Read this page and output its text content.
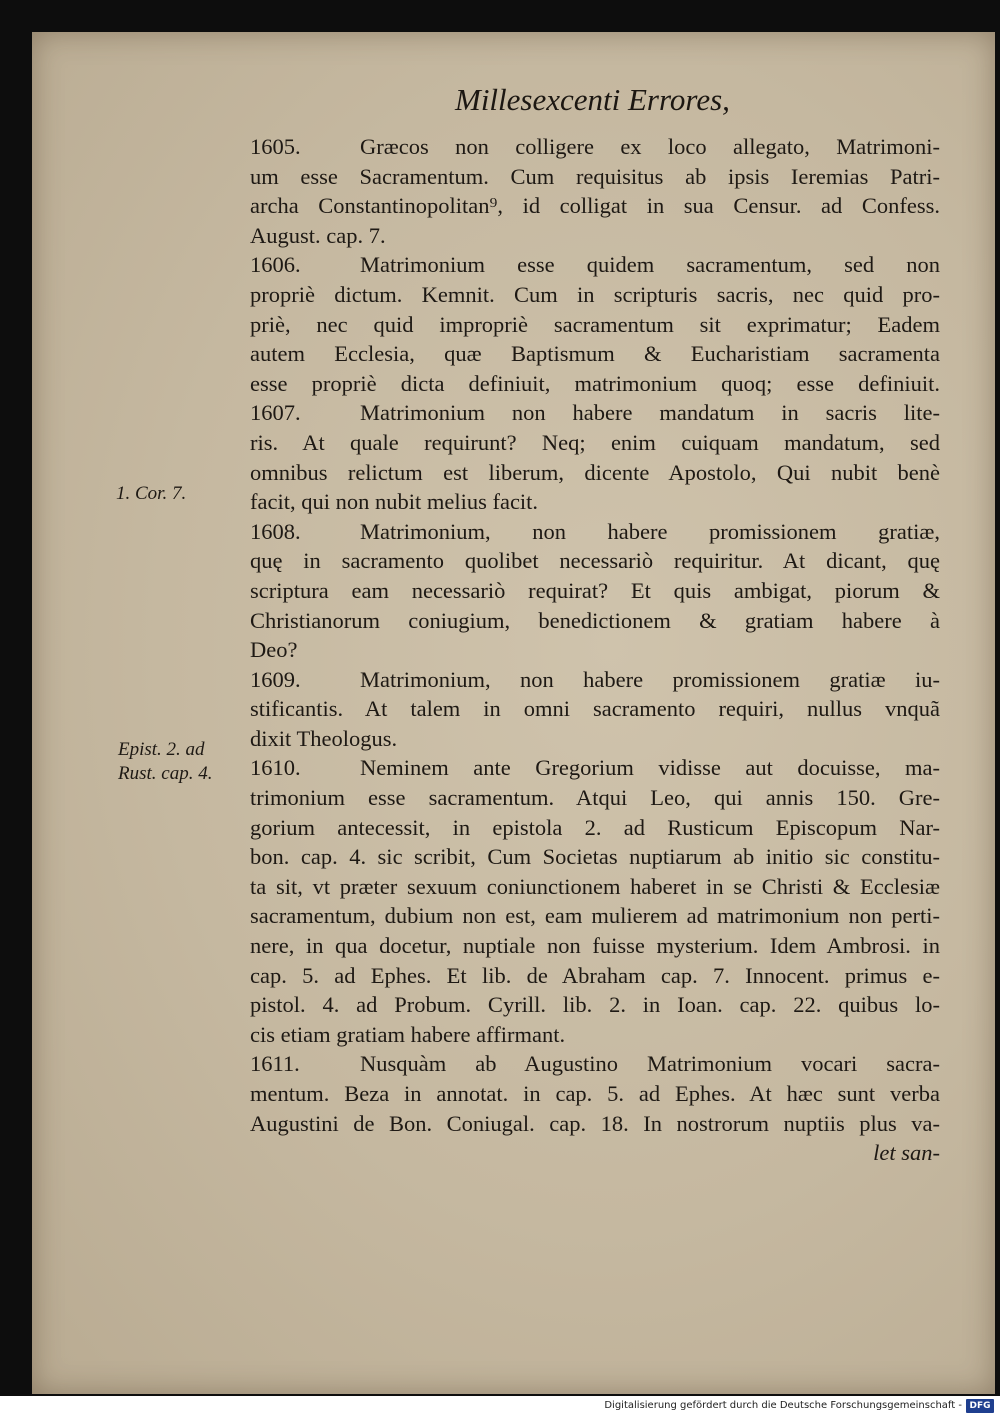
Millesexcenti Errores,
1. Cor. 7.
Epist. 2. ad
Rust. cap. 4.
1605.	Græcos non colligere ex loco allegato, Matrimoni-
um esse Sacramentum. Cum requisitus ab ipsis Ieremias Patri-
archa Constantinopolitan⁹, id colligat in sua Censur. ad Confess.
August. cap. 7.
1606.	Matrimonium esse quidem sacramentum, sed non
propriè dictum. Kemnit. Cum in scripturis sacris, nec quid pro-
priè, nec quid impropriè sacramentum sit exprimatur; Eadem
autem Ecclesia, quæ Baptismum & Eucharistiam sacramenta
esse propriè dicta definiuit, matrimonium quoq; esse definiuit.
1607.	Matrimonium non habere mandatum in sacris lite-
ris. At quale requirunt? Neq; enim cuiquam mandatum, sed
omnibus relictum est liberum, dicente Apostolo, Qui nubit benè
facit, qui non nubit melius facit.
1608.	Matrimonium, non habere promissionem gratiæ,
quę in sacramento quolibet necessariò requiritur. At dicant, quę
scriptura eam necessariò requirat? Et quis ambigat, piorum &
Christianorum coniugium, benedictionem & gratiam habere à
Deo?
1609.	Matrimonium, non habere promissionem gratiæ iu-
stificantis. At talem in omni sacramento requiri, nullus vnquã
dixit Theologus.
1610.	Neminem ante Gregorium vidisse aut docuisse, ma-
trimonium esse sacramentum. Atqui Leo, qui annis 150. Gre-
gorium antecessit, in epistola 2. ad Rusticum Episcopum Nar-
bon. cap. 4. sic scribit, Cum Societas nuptiarum ab initio sic constitu-
ta sit, vt præter sexuum coniunctionem haberet in se Christi & Ecclesiæ
sacramentum, dubium non est, eam mulierem ad matrimonium non perti-
nere, in qua docetur, nuptiale non fuisse mysterium. Idem Ambrosi. in
cap. 5. ad Ephes. Et lib. de Abraham cap. 7. Innocent. primus e-
pistol. 4. ad Probum. Cyrill. lib. 2. in Ioan. cap. 22. quibus lo-
cis etiam gratiam habere affirmant.
1611.	Nusquàm ab Augustino Matrimonium vocari sacra-
mentum. Beza in annotat. in cap. 5. ad Ephes. At hæc sunt verba
Augustini de Bon. Coniugal. cap. 18. In nostrorum nuptiis plus va-
let san-
Digitalisierung gefördert durch die Deutsche Forschungsgemeinschaft - DFG
